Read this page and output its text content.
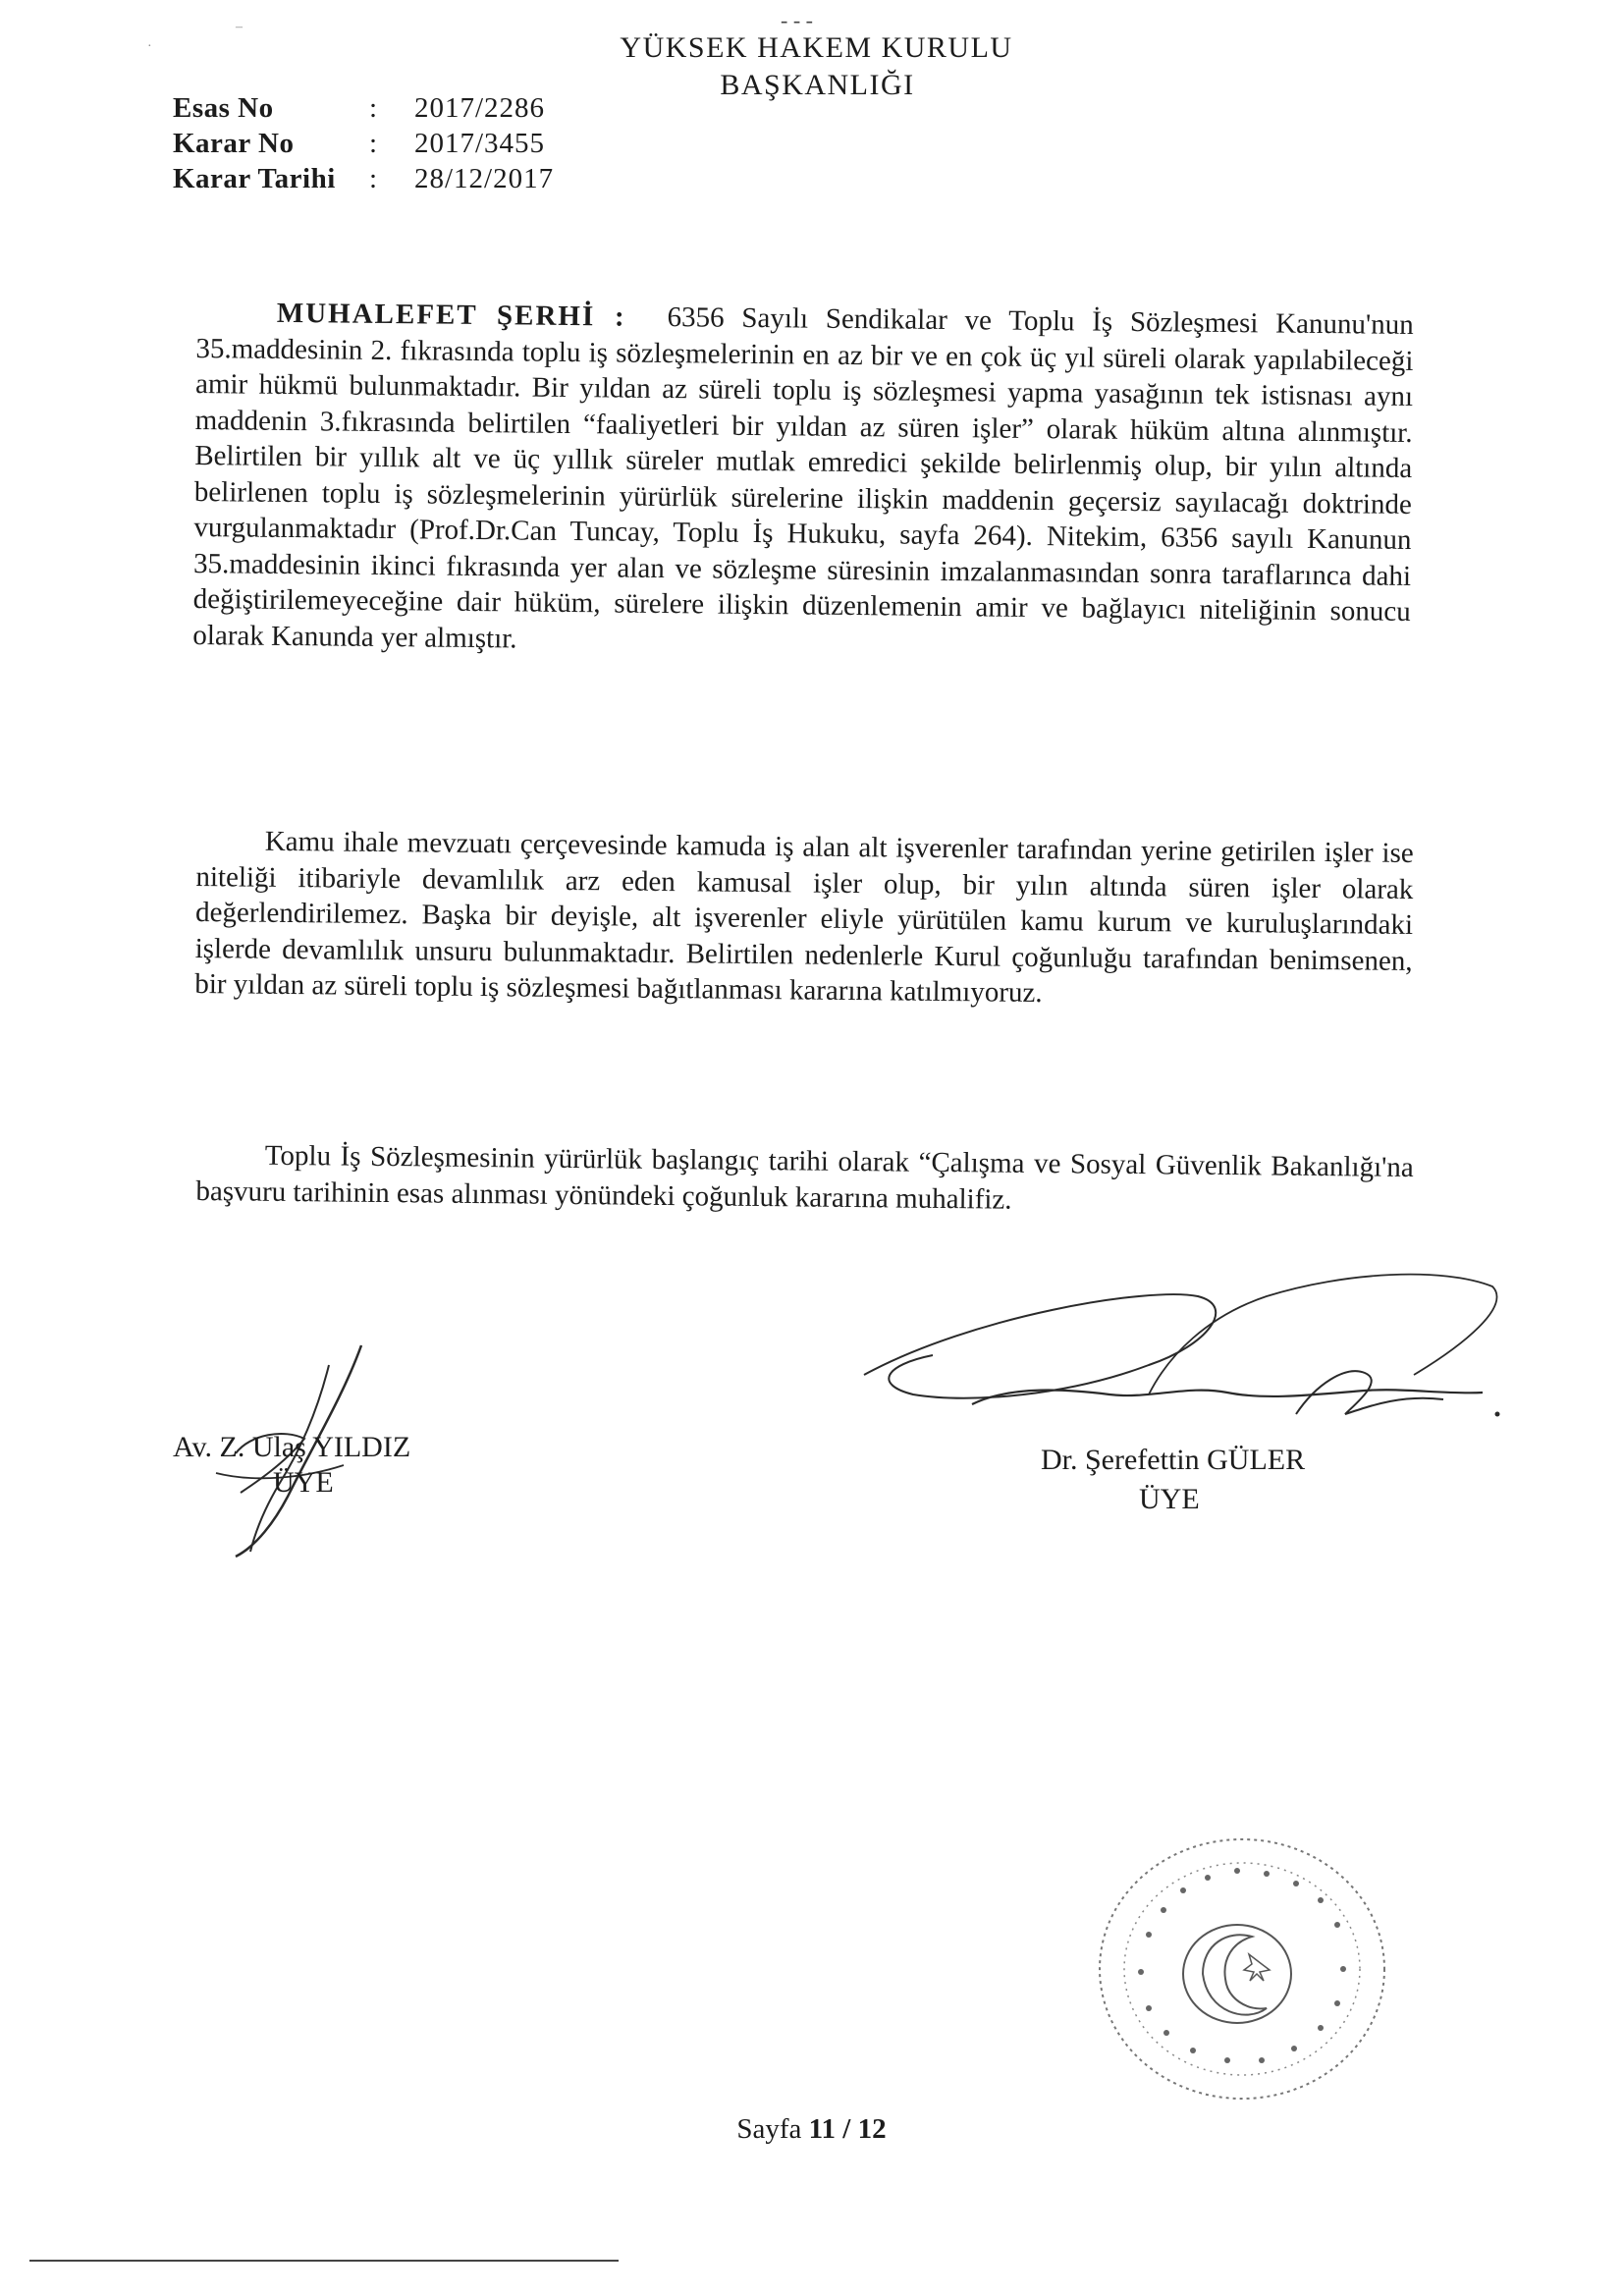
·
–	- - -
YÜKSEK HAKEM KURULU
BAŞKANLIĞI
Esas No	:	2017/2286
Karar No	:	2017/3455
Karar Tarihi	:	28/12/2017
MUHALEFET ŞERHİ : 6356 Sayılı Sendikalar ve Toplu İş Sözleşmesi Kanunu'nun 35.maddesinin 2. fıkrasında toplu iş sözleşmelerinin en az bir ve en çok üç yıl süreli olarak yapılabileceği amir hükmü bulunmaktadır. Bir yıldan az süreli toplu iş sözleşmesi yapma yasağının tek istisnası aynı maddenin 3.fıkrasında belirtilen “faaliyetleri bir yıldan az süren işler” olarak hüküm altına alınmıştır. Belirtilen bir yıllık alt ve üç yıllık süreler mutlak emredici şekilde belirlenmiş olup, bir yılın altında belirlenen toplu iş sözleşmelerinin yürürlük sürelerine ilişkin maddenin geçersiz sayılacağı doktrinde vurgulanmaktadır (Prof.Dr.Can Tuncay, Toplu İş Hukuku, sayfa 264). Nitekim, 6356 sayılı Kanunun 35.maddesinin ikinci fıkrasında yer alan ve sözleşme süresinin imzalanmasından sonra taraflarınca dahi değiştirilemeyeceğine dair hüküm, sürelere ilişkin düzenlemenin amir ve bağlayıcı niteliğinin sonucu olarak Kanunda yer almıştır.
Kamu ihale mevzuatı çerçevesinde kamuda iş alan alt işverenler tarafından yerine getirilen işler ise niteliği itibariyle devamlılık arz eden kamusal işler olup, bir yılın altında süren işler olarak değerlendirilemez. Başka bir deyişle, alt işverenler eliyle yürütülen kamu kurum ve kuruluşlarındaki işlerde devamlılık unsuru bulunmaktadır. Belirtilen nedenlerle Kurul çoğunluğu tarafından benimsenen, bir yıldan az süreli toplu iş sözleşmesi bağıtlanması kararına katılmıyoruz.
Toplu İş Sözleşmesinin yürürlük başlangıç tarihi olarak “Çalışma ve Sosyal Güvenlik Bakanlığı'na başvuru tarihinin esas alınması yönündeki çoğunluk kararına muhalifiz.
Av. Z. Ulaş YILDIZ
ÜYE
Dr. Şerefettin GÜLER
ÜYE
Sayfa 11 / 12
